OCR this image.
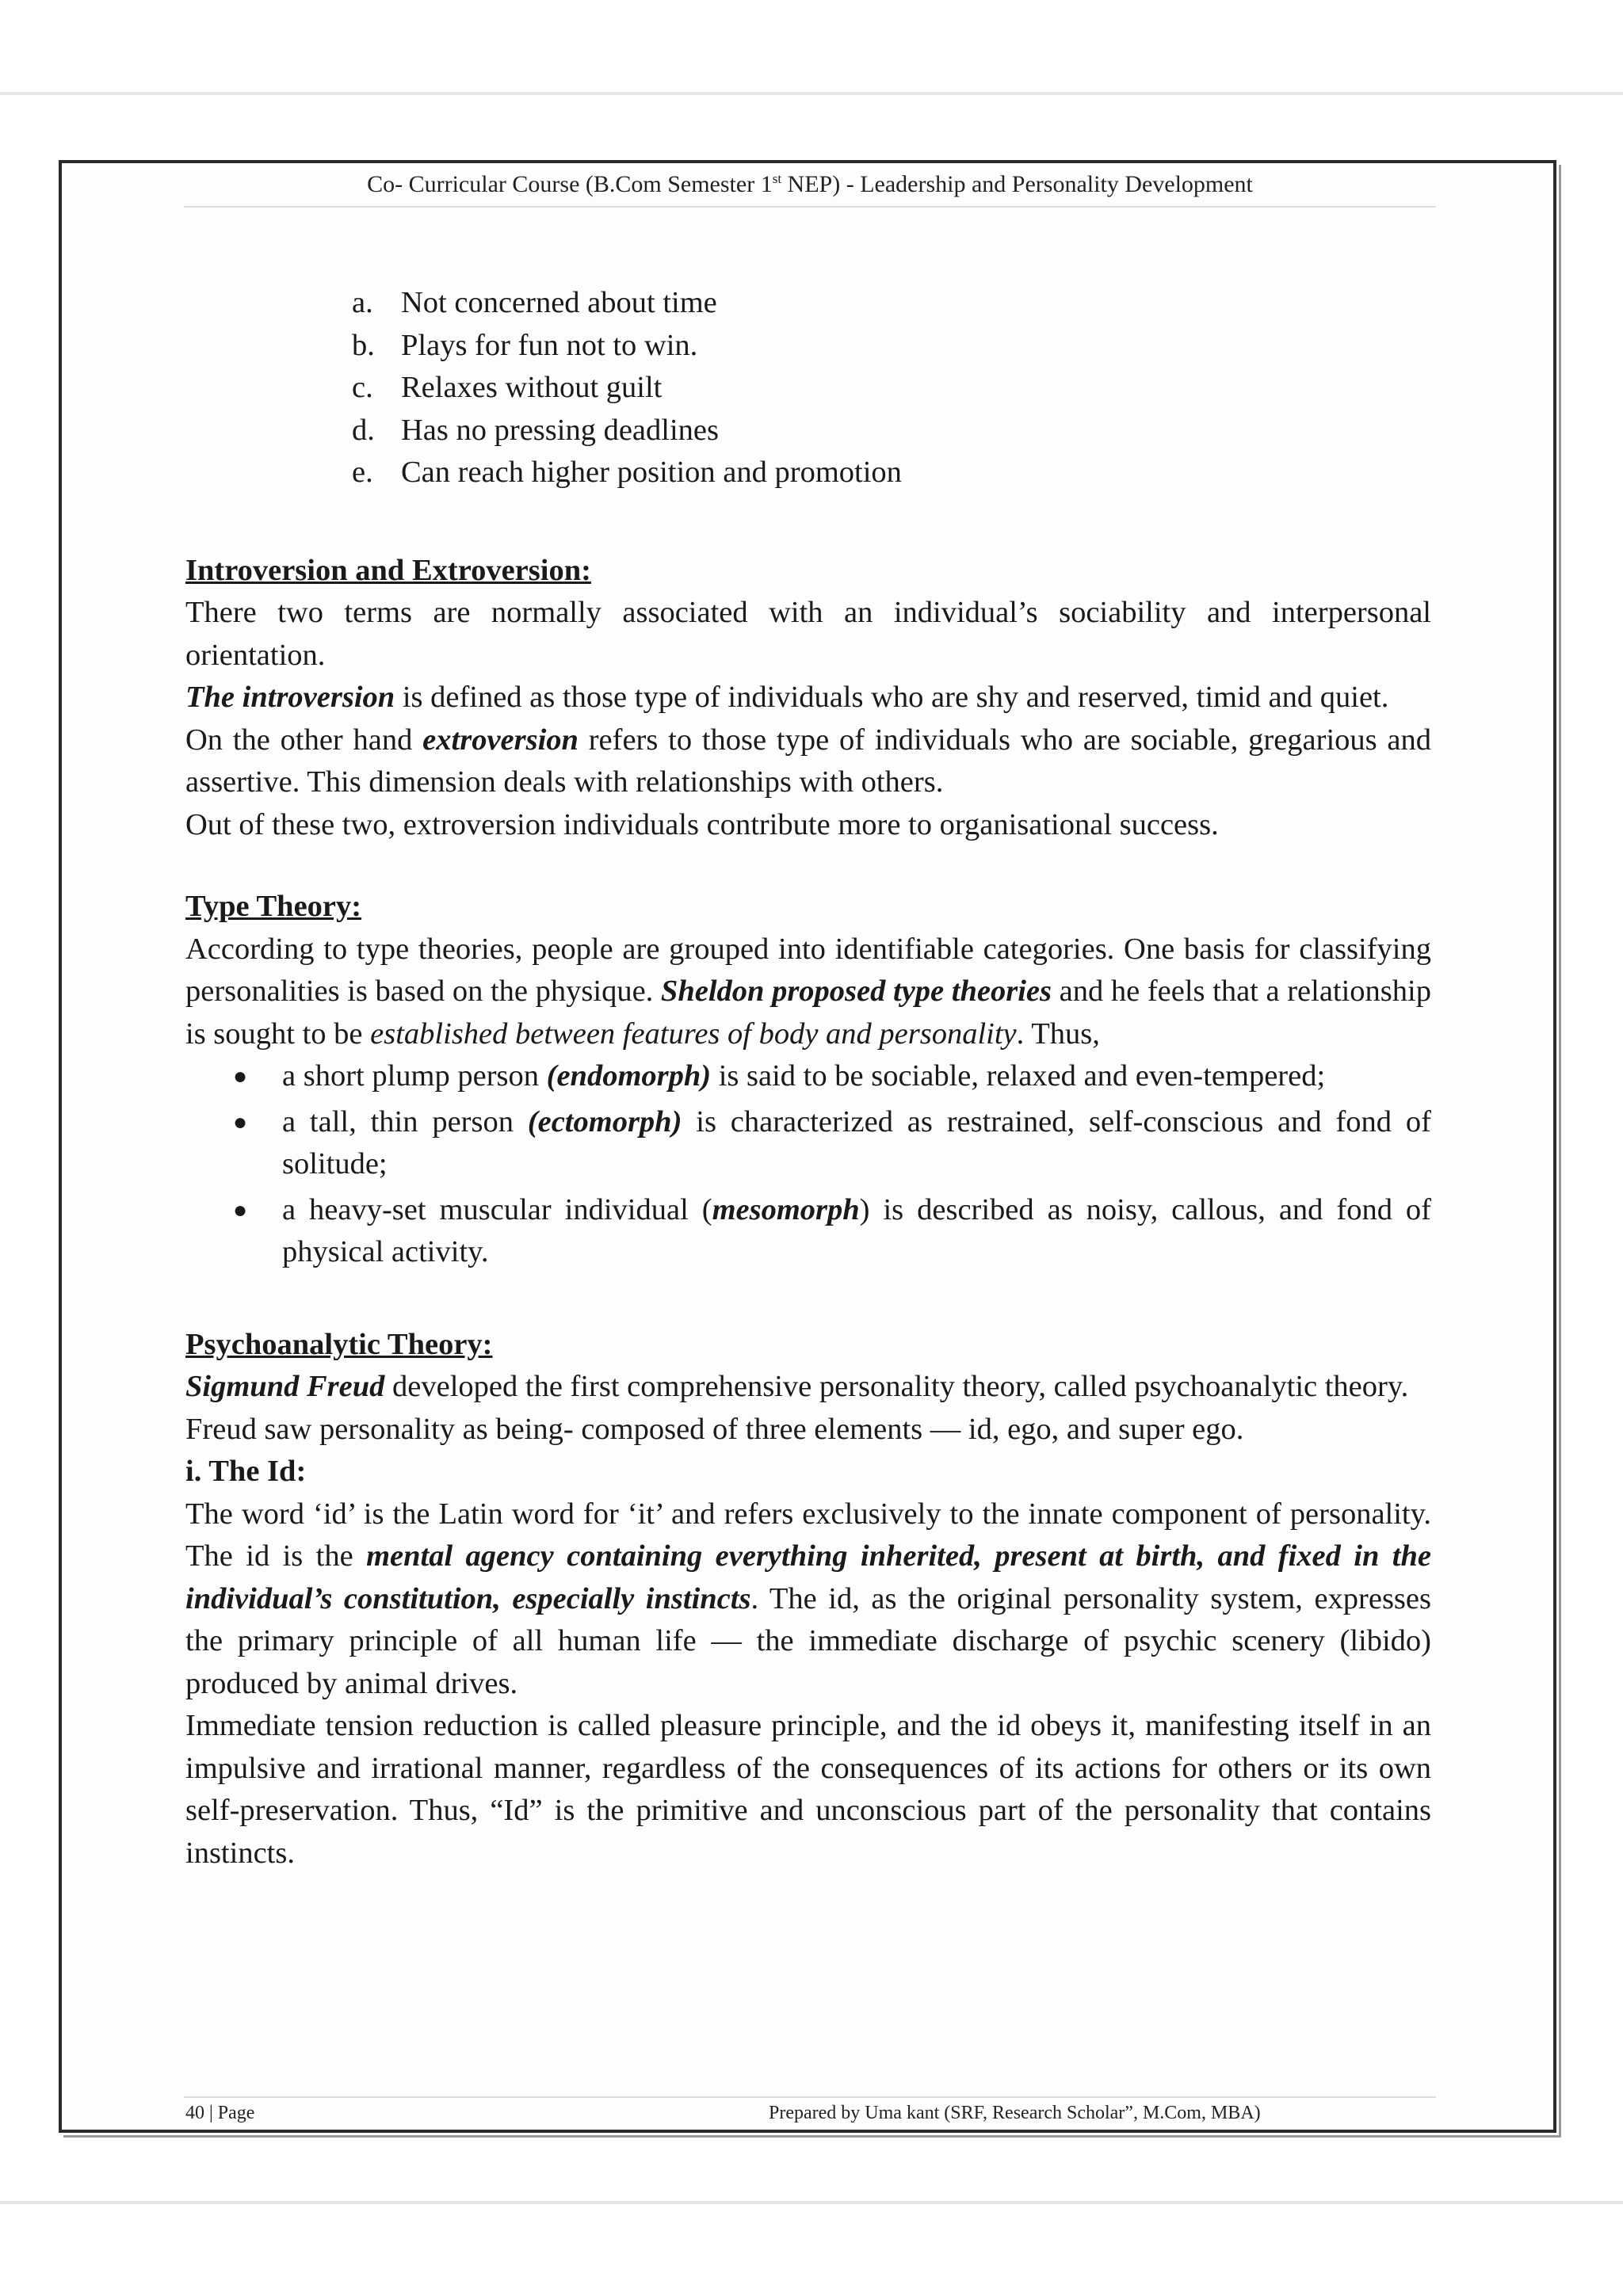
Co- Curricular Course (B.Com Semester 1st NEP) - Leadership and Personality Development
a. Not concerned about time
b. Plays for fun not to win.
c. Relaxes without guilt
d. Has no pressing deadlines
e. Can reach higher position and promotion
Introversion and Extroversion:

There two terms are normally associated with an individual’s sociability and interpersonal orientation.

The introversion is defined as those type of individuals who are shy and reserved, timid and quiet.

On the other hand extroversion refers to those type of individuals who are sociable, gregarious and assertive. This dimension deals with relationships with others.

Out of these two, extroversion individuals contribute more to organisational success.

Type Theory:

According to type theories, people are grouped into identifiable categories. One basis for classifying personalities is based on the physique. Sheldon proposed type theories and he feels that a relationship is sought to be established between features of body and personality. Thus,

●	a short plump person (endomorph) is said to be sociable, relaxed and even-tempered;
●	a tall, thin person (ectomorph) is characterized as restrained, self-conscious and fond of solitude;
●	a heavy-set muscular individual (mesomorph) is described as noisy, callous, and fond of physical activity.
Psychoanalytic Theory:

Sigmund Freud developed the first comprehensive personality theory, called psychoanalytic theory.

Freud saw personality as being- composed of three elements — id, ego, and super ego.

i. The Id:

The word ‘id’ is the Latin word for ‘it’ and refers exclusively to the innate component of personality. The id is the mental agency containing everything inherited, present at birth, and fixed in the individual’s constitution, especially instincts. The id, as the original personality system, expresses the primary principle of all human life — the immediate discharge of psychic scenery (libido) produced by animal drives.

Immediate tension reduction is called pleasure principle, and the id obeys it, manifesting itself in an impulsive and irrational manner, regardless of the consequences of its actions for others or its own self-preservation. Thus, “Id” is the primitive and unconscious part of the personality that contains instincts.

40 | Page	Prepared by Uma kant (SRF, Research Scholar”, M.Com, MBA)
